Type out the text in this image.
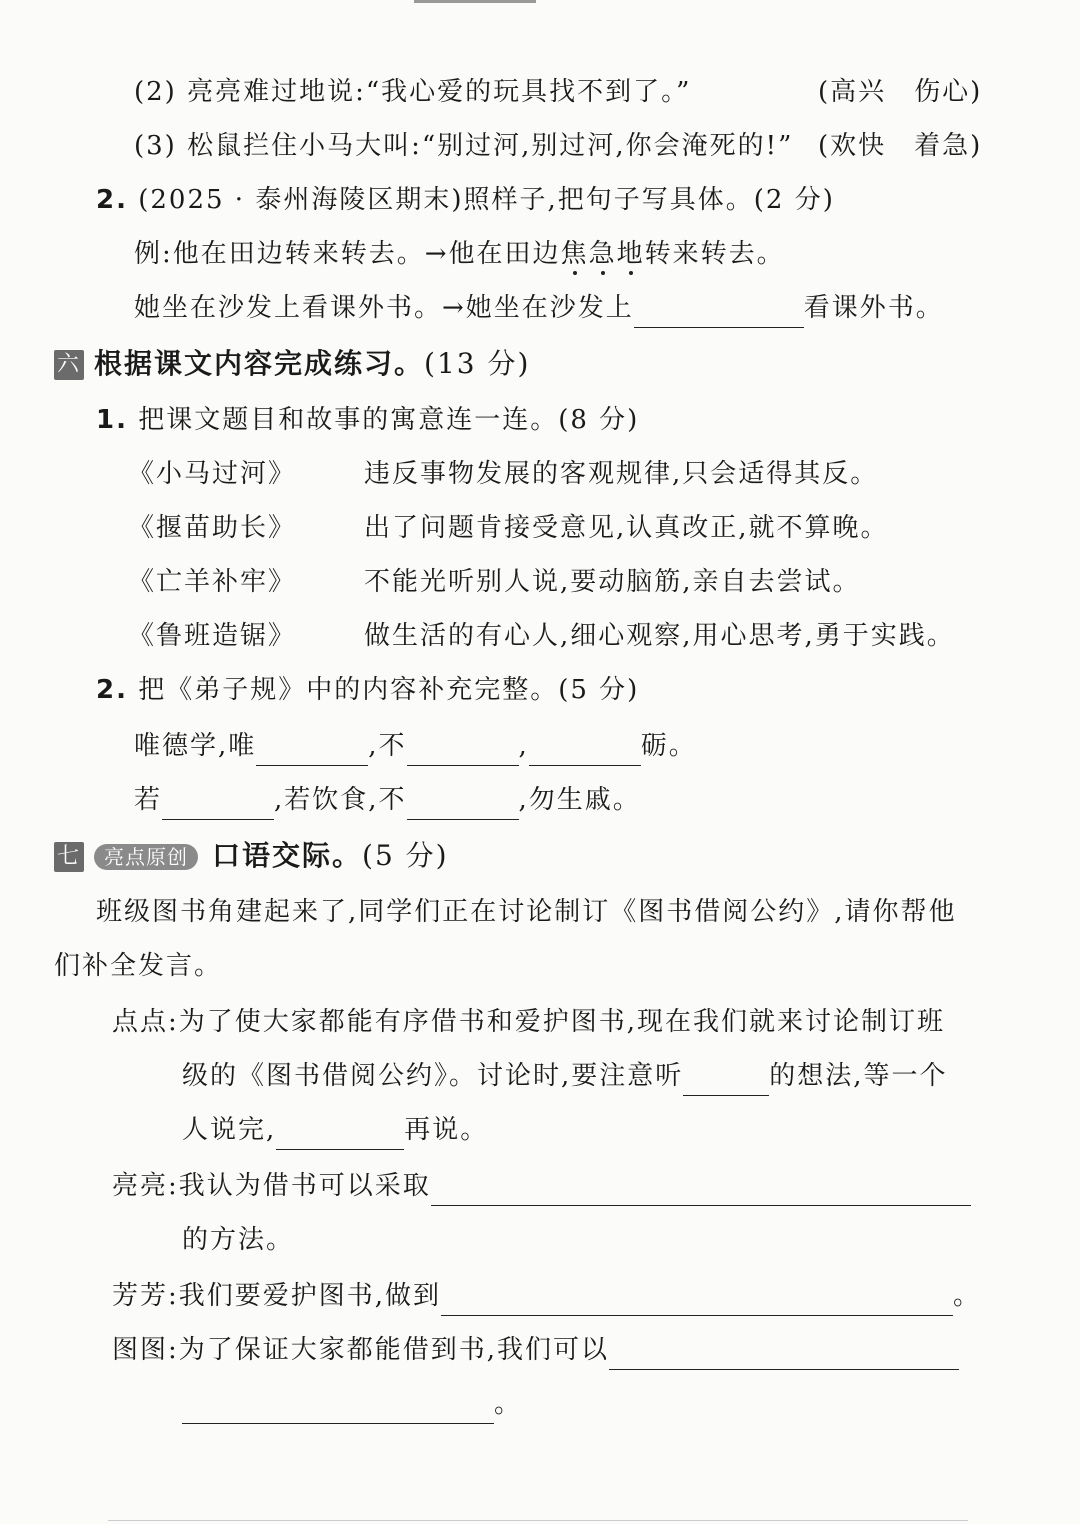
(2) 亮亮难过地说:“我心爱的玩具找不到了。”	(高兴　伤心)
(3) 松鼠拦住小马大叫:“别过河,别过河,你会淹死的!” (欢快　着急)
2. (2025 · 泰州海陵区期末)照样子,把句子写具体。(2 分)
例:他在田边转来转去。→他在田边焦急地转来转去。
她坐在沙发上看课外书。→她坐在沙发上	看课外书。
六 根据课文内容完成练习。(13 分)
1. 把课文题目和故事的寓意连一连。(8 分)
《小马过河》	违反事物发展的客观规律,只会适得其反。
《揠苗助长》	出了问题肯接受意见,认真改正,就不算晚。
《亡羊补牢》	不能光听别人说,要动脑筋,亲自去尝试。
《鲁班造锯》	做生活的有心人,细心观察,用心思考,勇于实践。
2. 把《弟子规》中的内容补充完整。(5 分)
唯德学,唯	,不	,	砺。
若	,若饮食,不	,勿生戚。
七 亮点原创 口语交际。(5 分)
班级图书角建起来了,同学们正在讨论制订《图书借阅公约》,请你帮他
们补全发言。
点点:为了使大家都能有序借书和爱护图书,现在我们就来讨论制订班
级的《图书借阅公约》。讨论时,要注意听	的想法,等一个
人说完,	再说。
亮亮:我认为借书可以采取
的方法。
芳芳:我们要爱护图书,做到	。
图图:为了保证大家都能借到书,我们可以
。
